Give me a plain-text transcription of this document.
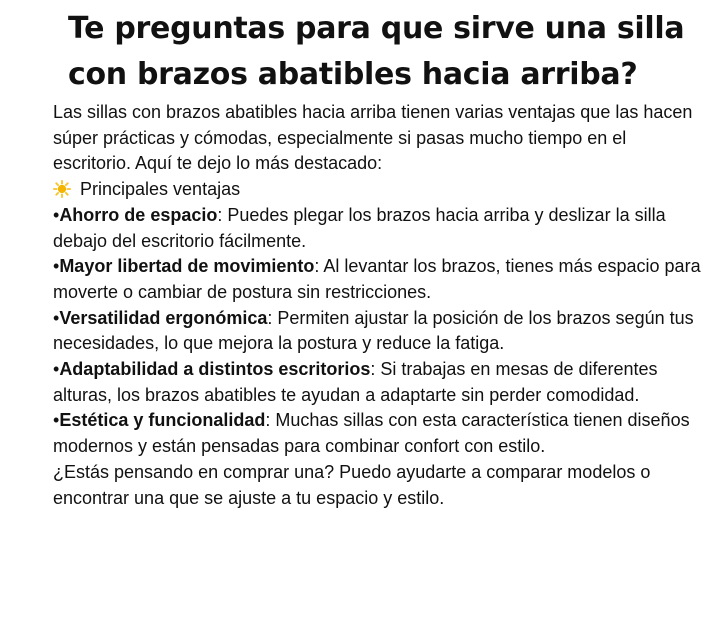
Te preguntas para que sirve una silla con brazos abatibles hacia arriba?

Las sillas con brazos abatibles hacia arriba tienen varias ventajas que las hacen súper prácticas y cómodas, especialmente si pasas mucho tiempo en el escritorio. Aquí te dejo lo más destacado:

Principales ventajas

•Ahorro de espacio: Puedes plegar los brazos hacia arriba y deslizar la silla debajo del escritorio fácilmente.

•Mayor libertad de movimiento: Al levantar los brazos, tienes más espacio para moverte o cambiar de postura sin restricciones.

•Versatilidad ergonómica: Permiten ajustar la posición de los brazos según tus necesidades, lo que mejora la postura y reduce la fatiga.

•Adaptabilidad a distintos escritorios: Si trabajas en mesas de diferentes alturas, los brazos abatibles te ayudan a adaptarte sin perder comodidad.

•Estética y funcionalidad: Muchas sillas con esta característica tienen diseños modernos y están pensadas para combinar confort con estilo.

¿Estás pensando en comprar una? Puedo ayudarte a comparar modelos o encontrar una que se ajuste a tu espacio y estilo.
